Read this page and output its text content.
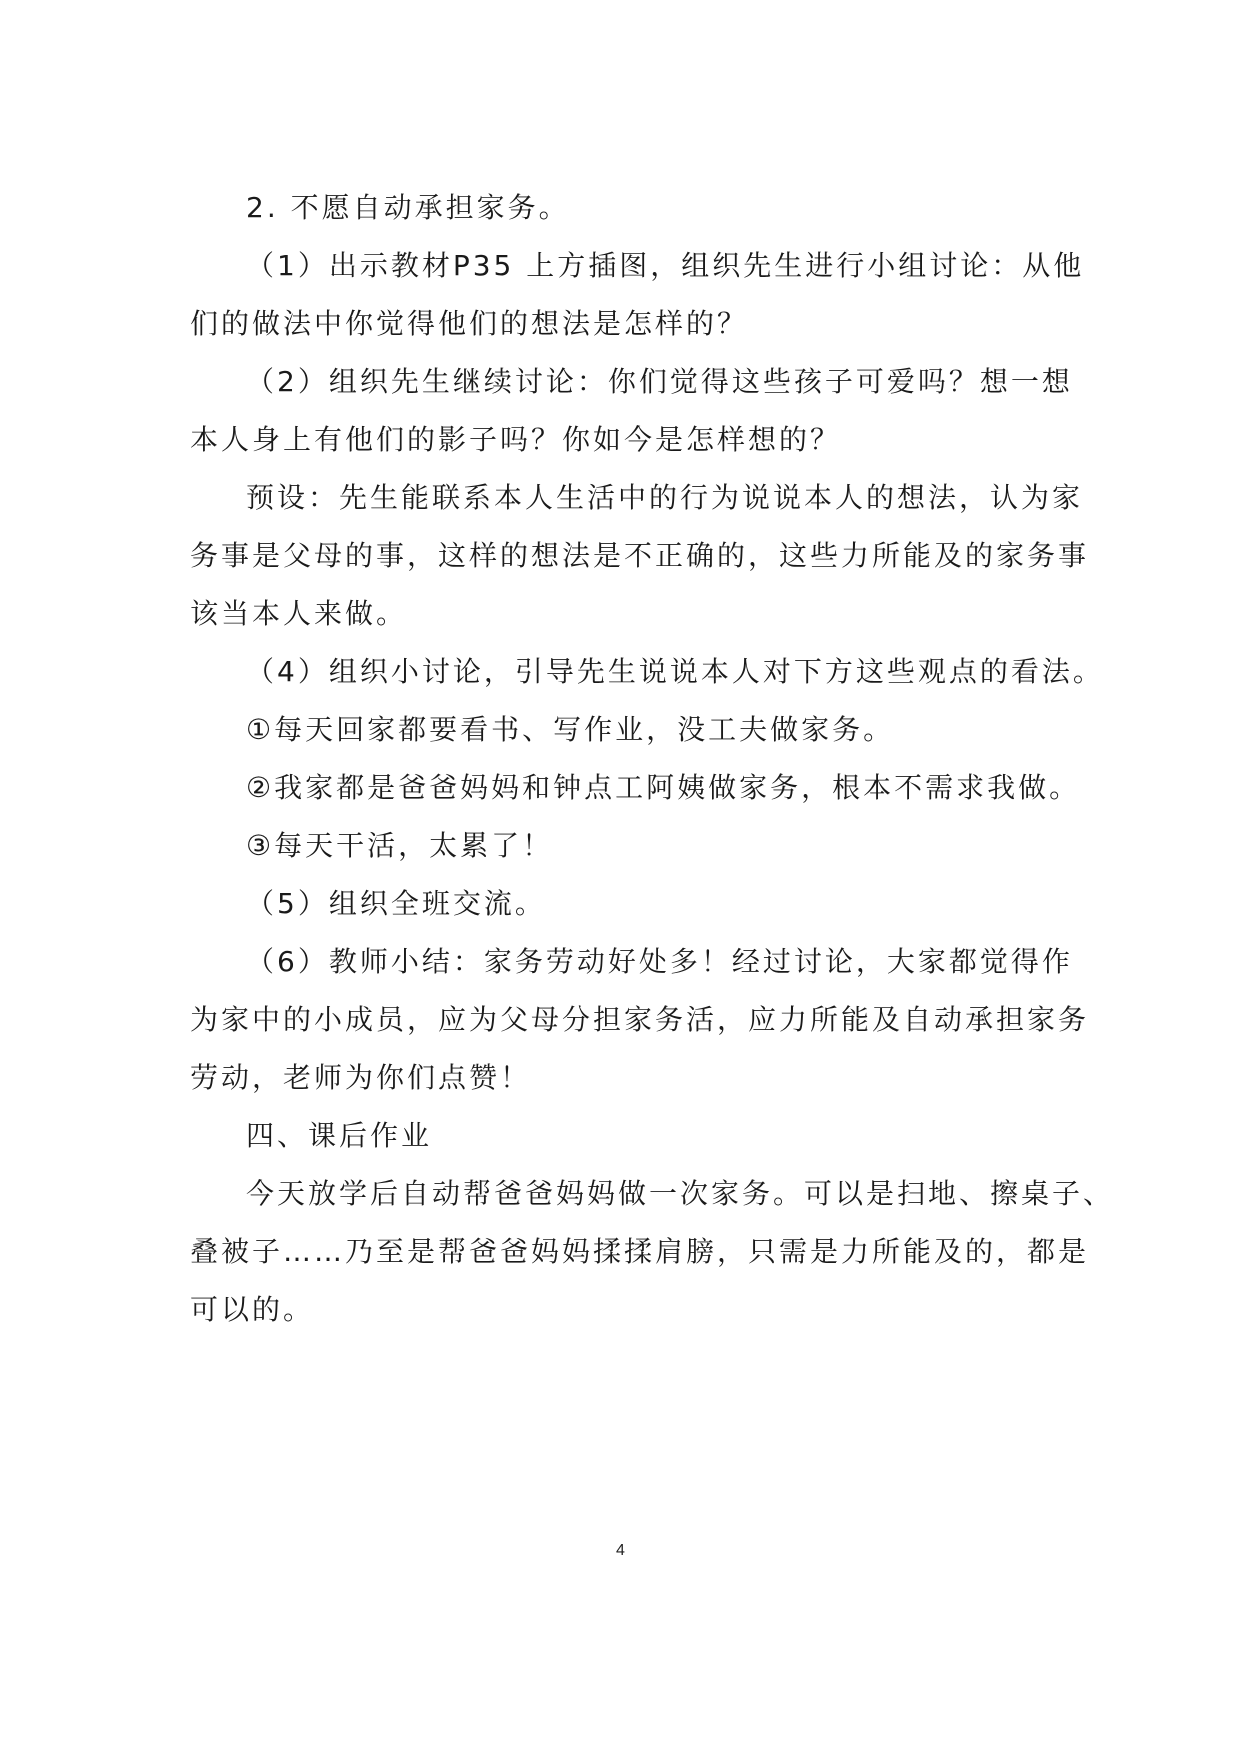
2. 不愿自动承担家务。
（1）出示教材P35 上方插图，组织先生进行小组讨论：从他
们的做法中你觉得他们的想法是怎样的？
（2）组织先生继续讨论：你们觉得这些孩子可爱吗？想一想
本人身上有他们的影子吗？你如今是怎样想的？
预设：先生能联系本人生活中的行为说说本人的想法，认为家
务事是父母的事，这样的想法是不正确的，这些力所能及的家务事
该当本人来做。
（4）组织小讨论，引导先生说说本人对下方这些观点的看法。
①每天回家都要看书、写作业，没工夫做家务。
②我家都是爸爸妈妈和钟点工阿姨做家务，根本不需求我做。
③每天干活，太累了！
（5）组织全班交流。
（6）教师小结：家务劳动好处多！经过讨论，大家都觉得作
为家中的小成员，应为父母分担家务活，应力所能及自动承担家务
劳动，老师为你们点赞！
四、课后作业
今天放学后自动帮爸爸妈妈做一次家务。可以是扫地、擦桌子、
叠被子……乃至是帮爸爸妈妈揉揉肩膀，只需是力所能及的，都是
可以的。
4
